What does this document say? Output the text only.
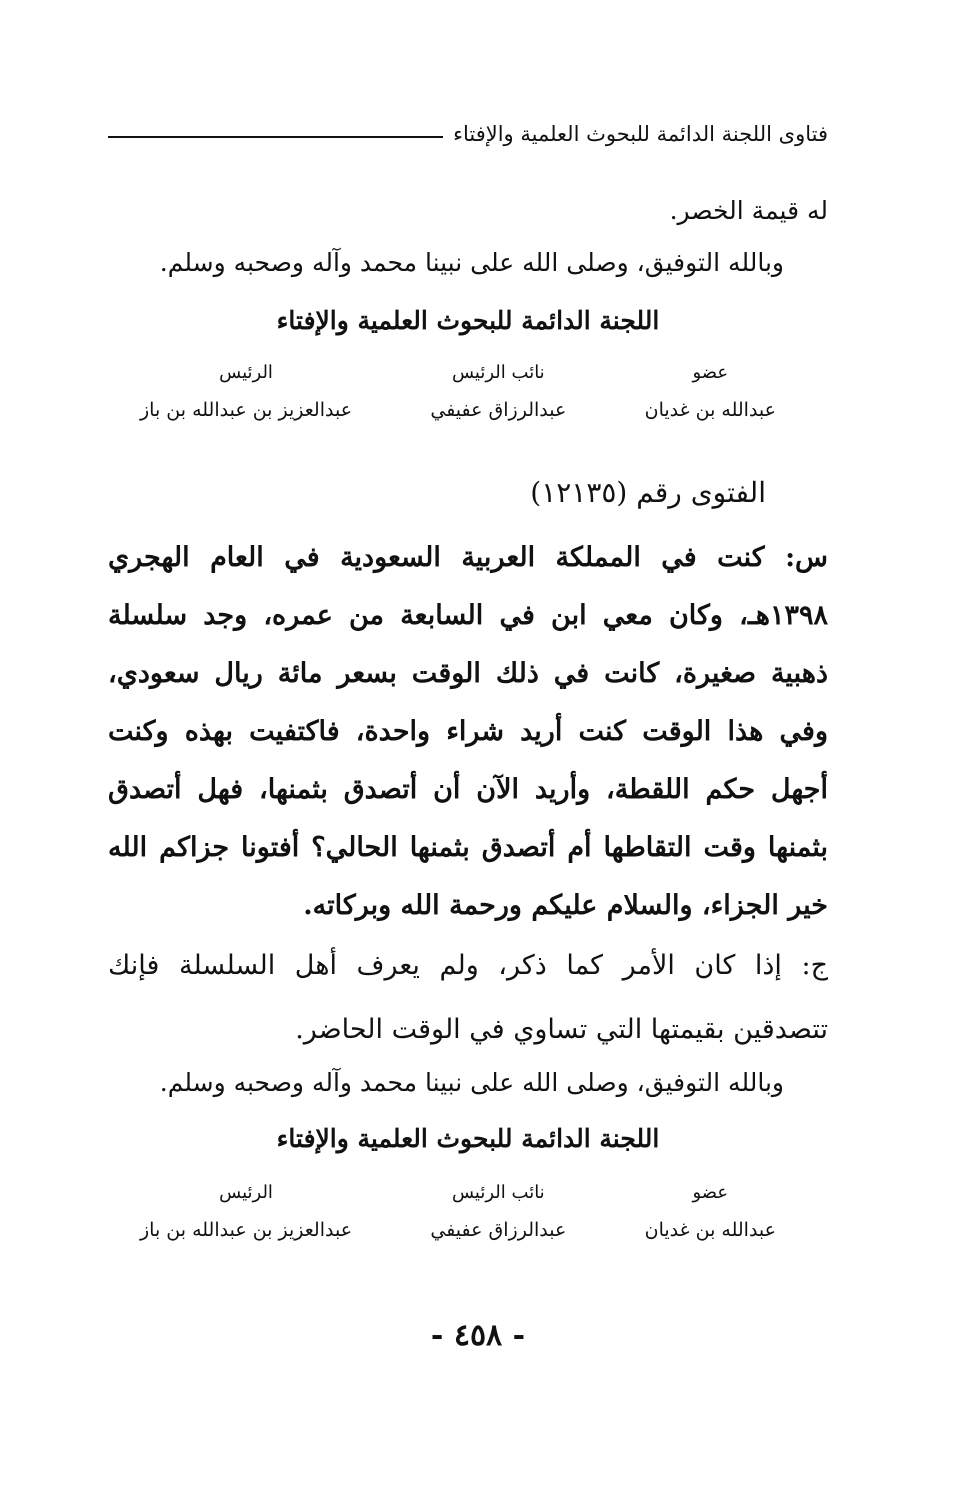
فتاوى اللجنة الدائمة للبحوث العلمية والإفتاء
له قيمة الخصر.
وبالله التوفيق، وصلى الله على نبينا محمد وآله وصحبه وسلم.
اللجنة الدائمة للبحوث العلمية والإفتاء
عضو
عبدالله بن غديان
نائب الرئيس
عبدالرزاق عفيفي
الرئيس
عبدالعزيز بن عبدالله بن باز
الفتوى رقم (١٢١٣٥)
س: كنت في المملكة العربية السعودية في العام الهجري
١٣٩٨هـ، وكان معي ابن في السابعة من عمره، وجد سلسلة
ذهبية صغيرة، كانت في ذلك الوقت بسعر مائة ريال سعودي،
وفي هذا الوقت كنت أريد شراء واحدة، فاكتفيت بهذه وكنت
أجهل حكم اللقطة، وأريد الآن أن أتصدق بثمنها، فهل أتصدق
بثمنها وقت التقاطها أم أتصدق بثمنها الحالي؟ أفتونا جزاكم الله
خير الجزاء، والسلام عليكم ورحمة الله وبركاته.
ج: إذا كان الأمر كما ذكر، ولم يعرف أهل السلسلة فإنك
تتصدقين بقيمتها التي تساوي في الوقت الحاضر.
وبالله التوفيق، وصلى الله على نبينا محمد وآله وصحبه وسلم.
اللجنة الدائمة للبحوث العلمية والإفتاء
عضو
عبدالله بن غديان
نائب الرئيس
عبدالرزاق عفيفي
الرئيس
عبدالعزيز بن عبدالله بن باز
- ٤٥٨ -
